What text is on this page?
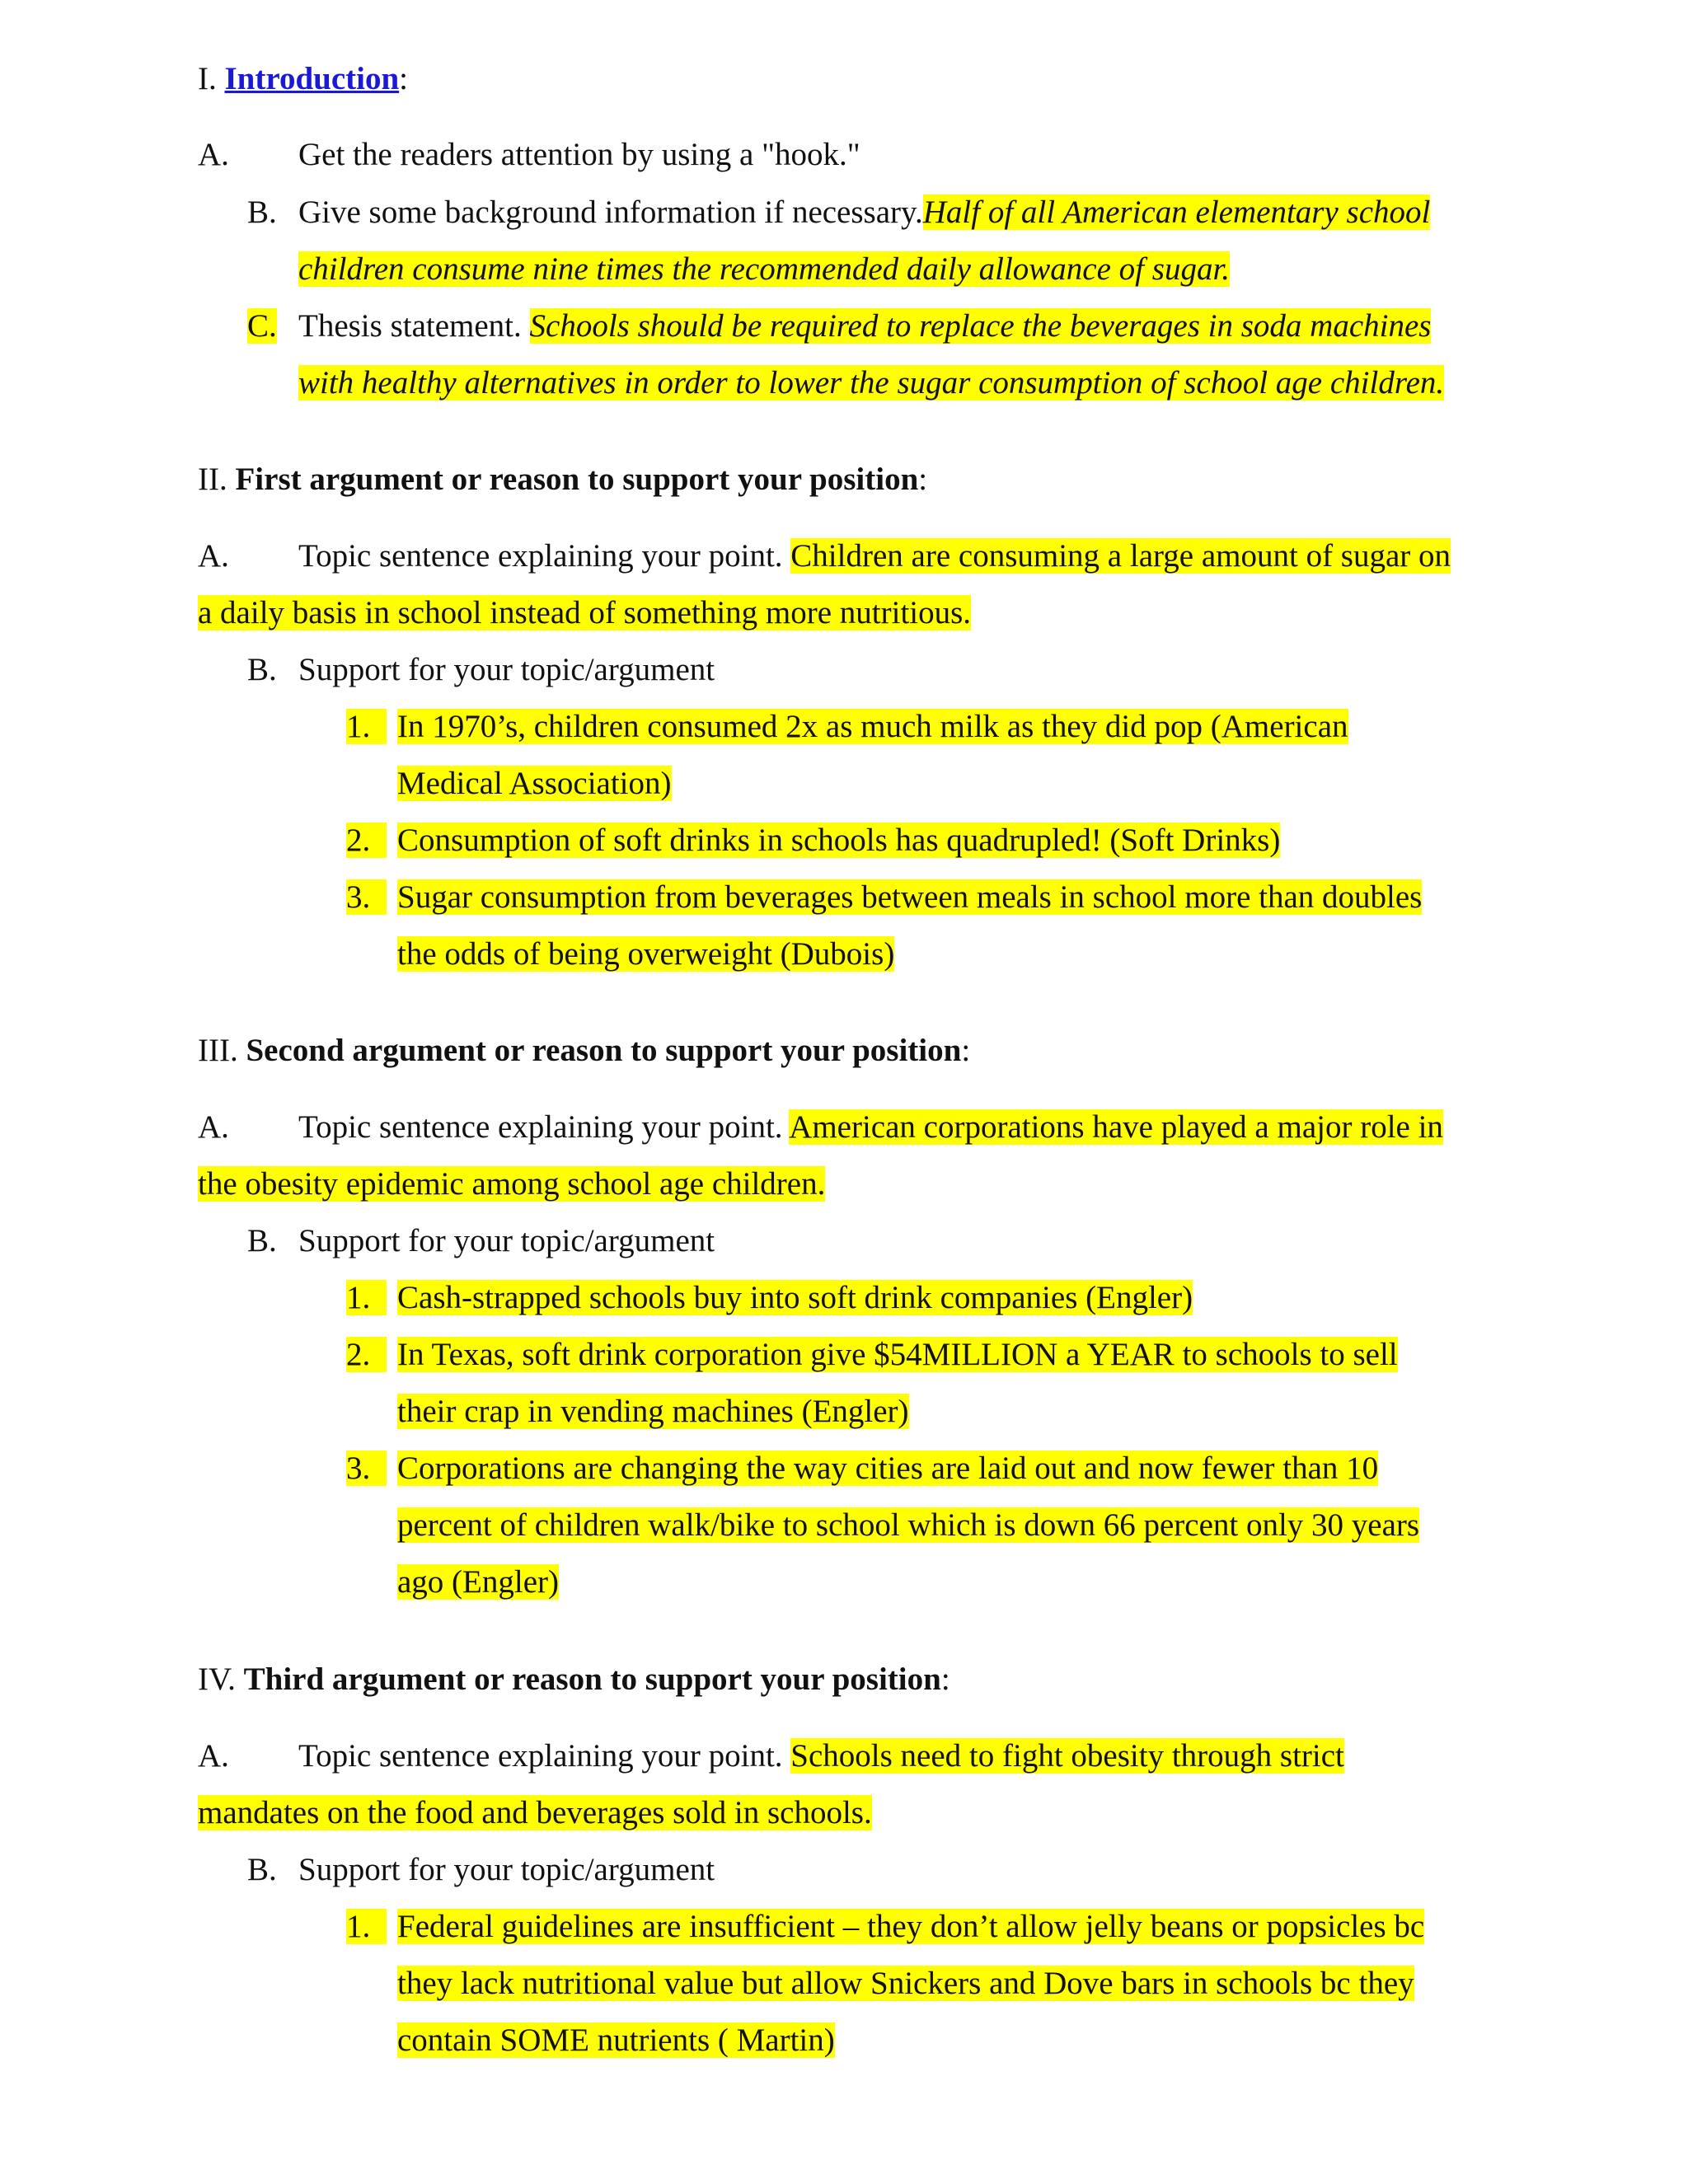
I. Introduction:
A. Get the readers attention by using a "hook."
B. Give some background information if necessary.Half of all American elementary school
children consume nine times the recommended daily allowance of sugar.
C. Thesis statement. Schools should be required to replace the beverages in soda machines
with healthy alternatives in order to lower the sugar consumption of school age children.
II. First argument or reason to support your position:
A. Topic sentence explaining your point. Children are consuming a large amount of sugar on
a daily basis in school instead of something more nutritious.
B. Support for your topic/argument
1. In 1970’s, children consumed 2x as much milk as they did pop (American
Medical Association)
2. Consumption of soft drinks in schools has quadrupled! (Soft Drinks)
3. Sugar consumption from beverages between meals in school more than doubles
the odds of being overweight (Dubois)
III. Second argument or reason to support your position:
A. Topic sentence explaining your point. American corporations have played a major role in
the obesity epidemic among school age children.
B. Support for your topic/argument
1. Cash-strapped schools buy into soft drink companies (Engler)
2. In Texas, soft drink corporation give $54MILLION a YEAR to schools to sell
their crap in vending machines (Engler)
3. Corporations are changing the way cities are laid out and now fewer than 10
percent of children walk/bike to school which is down 66 percent only 30 years
ago (Engler)
IV. Third argument or reason to support your position:
A. Topic sentence explaining your point. Schools need to fight obesity through strict
mandates on the food and beverages sold in schools.
B. Support for your topic/argument
1. Federal guidelines are insufficient – they don’t allow jelly beans or popsicles bc
they lack nutritional value but allow Snickers and Dove bars in schools bc they
contain SOME nutrients ( Martin)
